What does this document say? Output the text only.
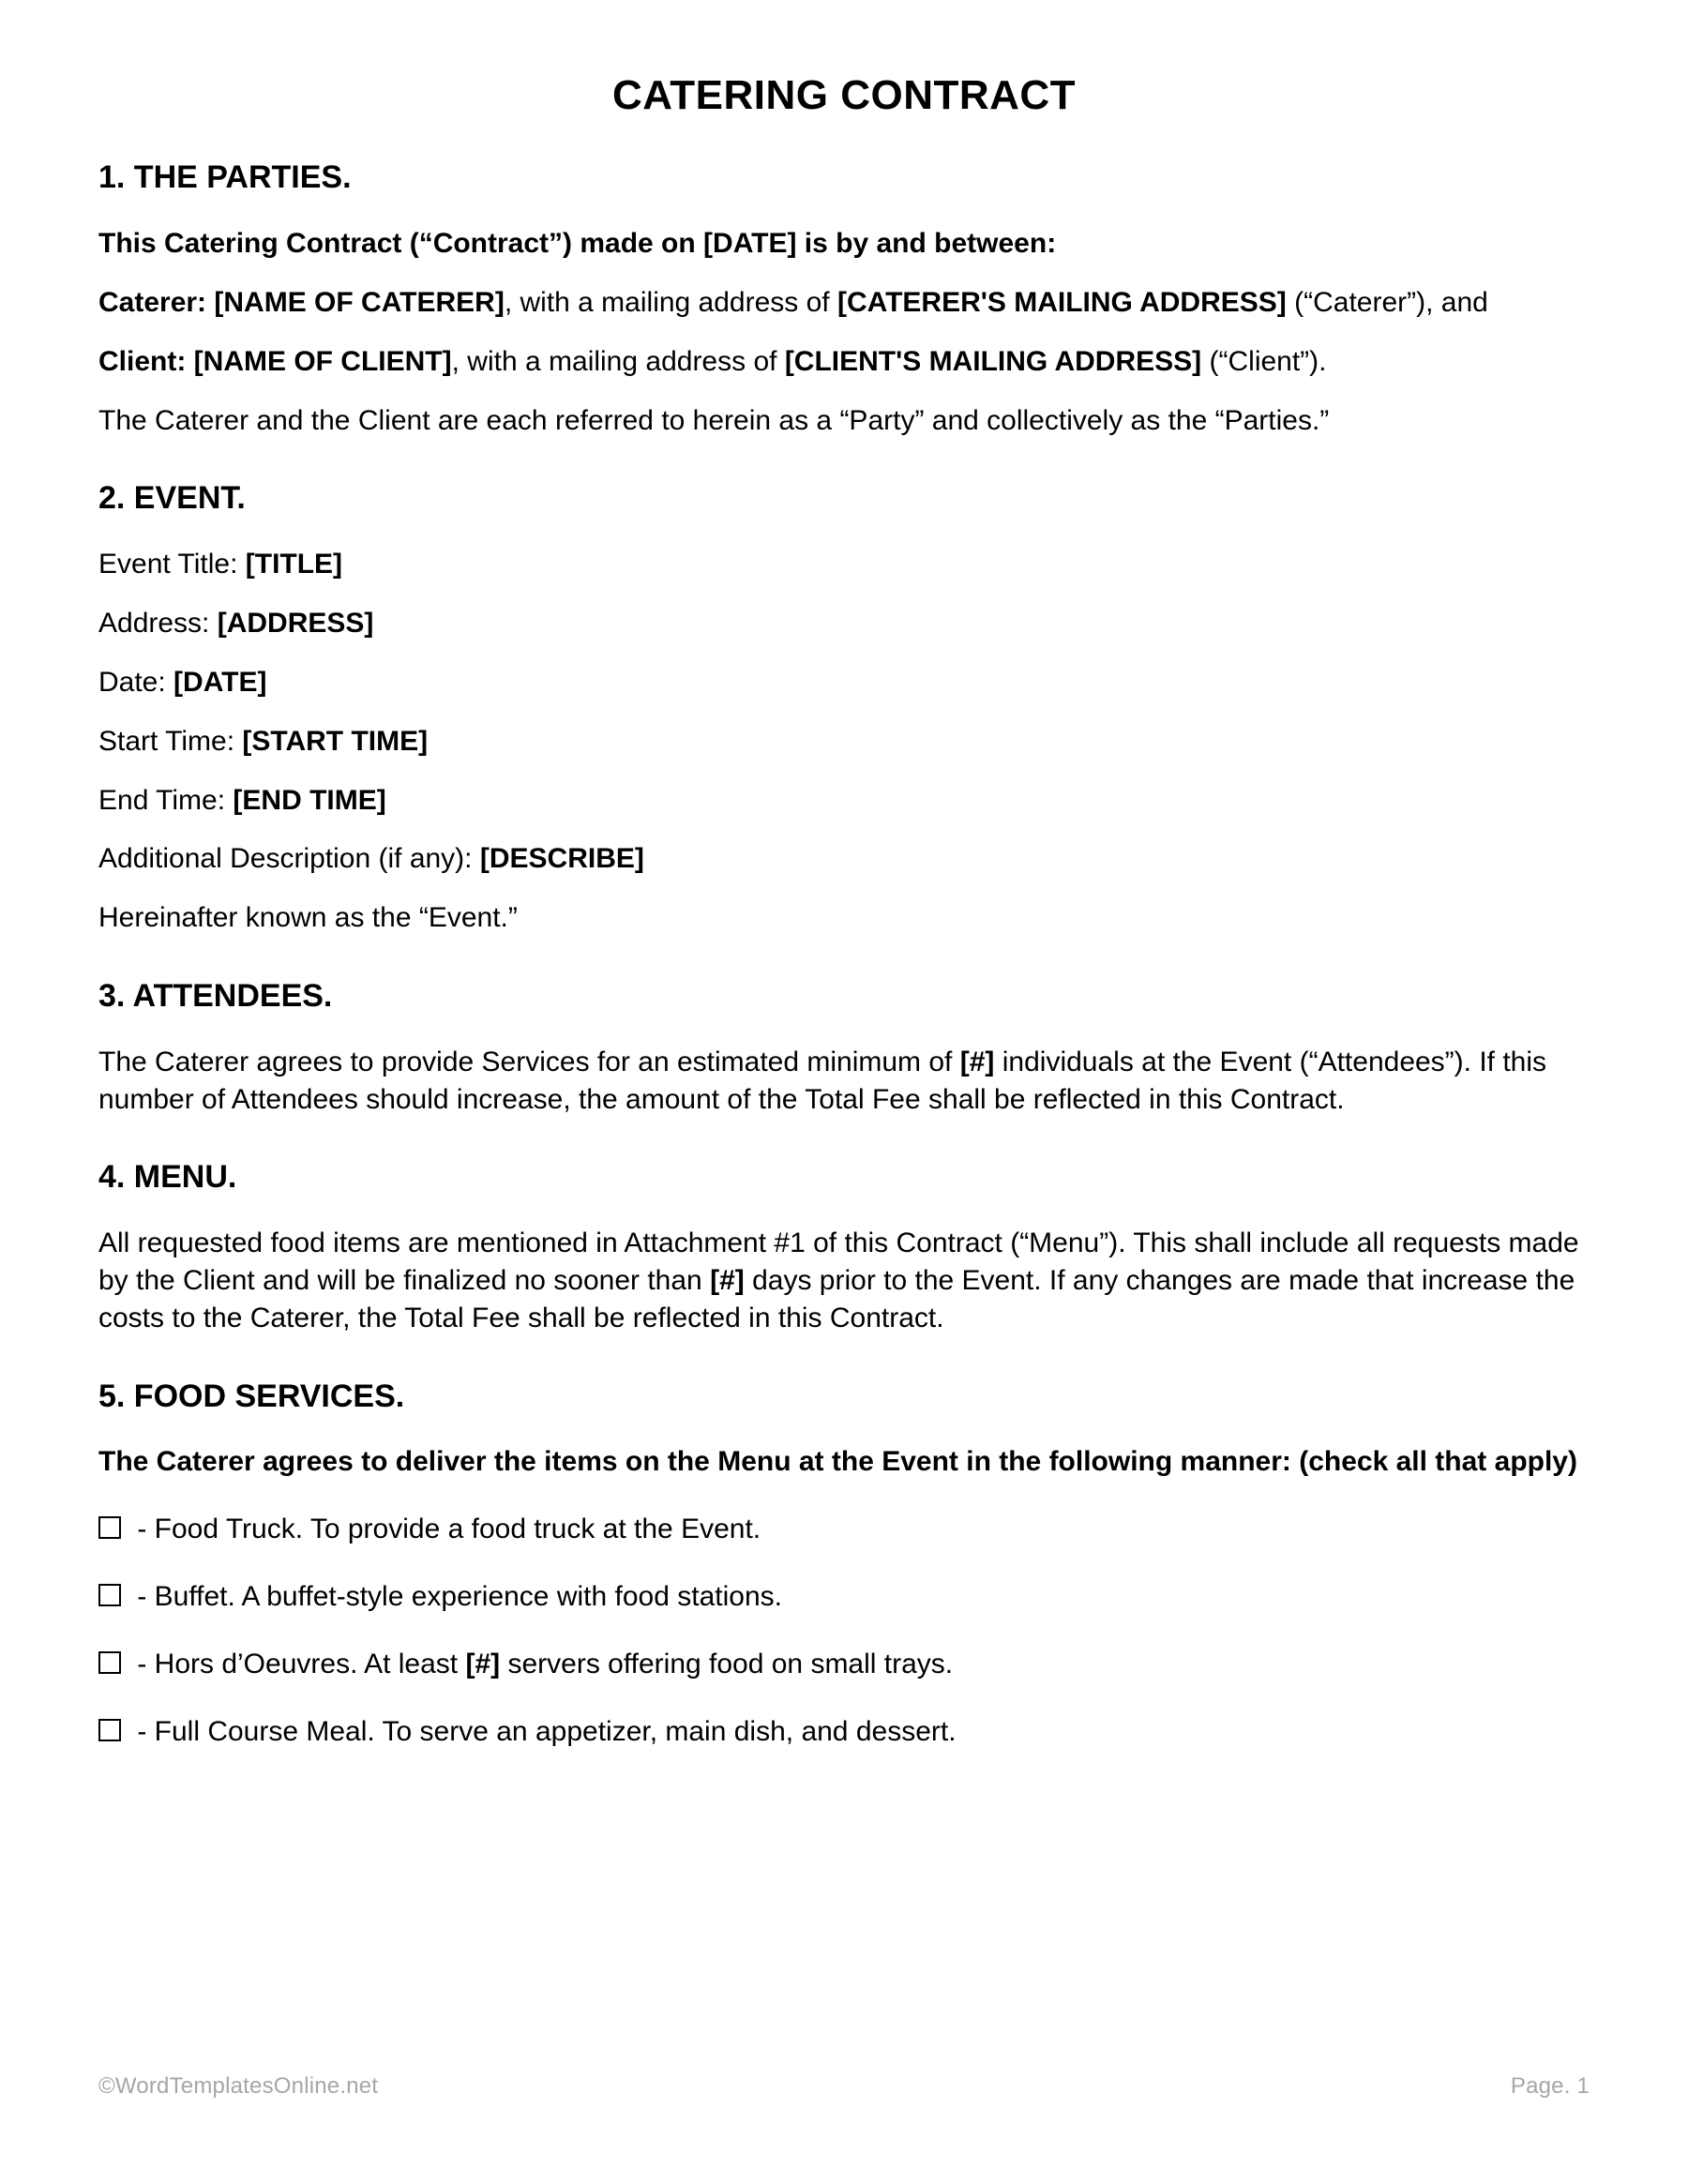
CATERING CONTRACT
1. THE PARTIES.

This Catering Contract (“Contract”) made on [DATE] is by and between:

Caterer: [NAME OF CATERER], with a mailing address of [CATERER'S MAILING ADDRESS] (“Caterer”), and

Client: [NAME OF CLIENT], with a mailing address of [CLIENT'S MAILING ADDRESS] (“Client”).

The Caterer and the Client are each referred to herein as a “Party” and collectively as the “Parties.”

2. EVENT.

Event Title: [TITLE]

Address: [ADDRESS]

Date: [DATE]

Start Time: [START TIME]

End Time: [END TIME]

Additional Description (if any): [DESCRIBE]

Hereinafter known as the “Event.”

3. ATTENDEES.

The Caterer agrees to provide Services for an estimated minimum of [#] individuals at the Event (“Attendees”). If this number of Attendees should increase, the amount of the Total Fee shall be reflected in this Contract.

4. MENU.

All requested food items are mentioned in Attachment #1 of this Contract (“Menu”). This shall include all requests made by the Client and will be finalized no sooner than [#] days prior to the Event. If any changes are made that increase the costs to the Caterer, the Total Fee shall be reflected in this Contract.

5. FOOD SERVICES.

The Caterer agrees to deliver the items on the Menu at the Event in the following manner: (check all that apply)

- Food Truck. To provide a food truck at the Event.

- Buffet. A buffet-style experience with food stations.

- Hors d’Oeuvres. At least [#] servers offering food on small trays.

- Full Course Meal. To serve an appetizer, main dish, and dessert.

©WordTemplatesOnline.net	Page. 1
